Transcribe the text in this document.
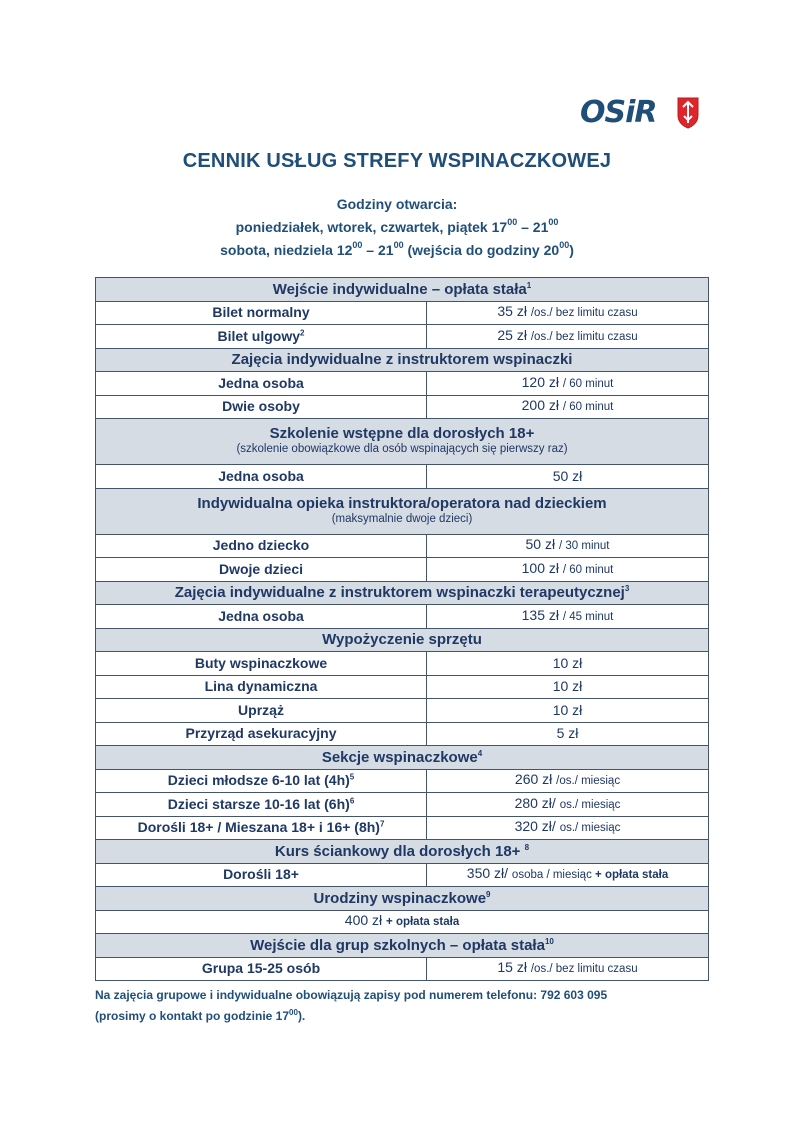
OSiR
CENNIK USŁUG STREFY WSPINACZKOWEJ
Godziny otwarcia:
poniedziałek, wtorek, czwartek, piątek $17^{00} - 21^{00}$
sobota, niedziela $12^{00} - 21^{00}$ (wejścia do godziny $20^{00}$)
Wejście indywidualne – opłata stała$^1$
Bilet normalny	35 zł /os./ bez limitu czasu
Bilet ulgowy$^2$	25 zł /os./ bez limitu czasu
Zajęcia indywidualne z instruktorem wspinaczki	
Jedna osoba	120 zł / 60 minut
Dwie osoby	200 zł / 60 minut
Szkolenie wstępne dla dorosłych 18+
(szkolenie obowiązkowe dla osób wspinających się pierwszy raz)	

Jedna osoba	50 zł
Indywidualna opieka instruktora/operatora nad dzieckiem
(maksymalnie dwoje dzieci)	

Jedno dziecko	50 zł / 30 minut
Dwoje dzieci	100 zł / 60 minut
Zajęcia indywidualne z instruktorem wspinaczki terapeutycznej$^3$
Jedna osoba	135 zł / 45 minut
Wypożyczenie sprzętu	
Buty wspinaczkowe	10 zł
Lina dynamiczna	10 zł
Uprząż	10 zł
Przyrząd asekuracyjny	5 zł
Sekcje wspinaczkowe$^4$
Dzieci młodsze 6-10 lat $(4h)^5$	260 zł /os./ miesiąc
Dzieci starsze 10-16 lat $(6h)^6$	280 zł/ os./ miesiąc
Dorośli 18+ / Mieszana 18+ i $16+ (8h)^7$	320 zł/ os./ miesiąc
Kurs ściankowy dla dorosłych 18+ $^8$
Dorośli 18+	350 zł/ osoba / miesiąc + opłata stała
Urodziny wspinaczkowe$^9$
400 zł + opłata stała	
Wejście dla grup szkolnych – opłata stała$^{10}$
Grupa 15-25 osób	15 zł /os./ bez limitu czasu
Na zajęcia grupowe i indywidualne obowiązują zapisy pod numerem telefonu: 792 603 095
(prosimy o kontakt po godzinie $17^{00}$).
